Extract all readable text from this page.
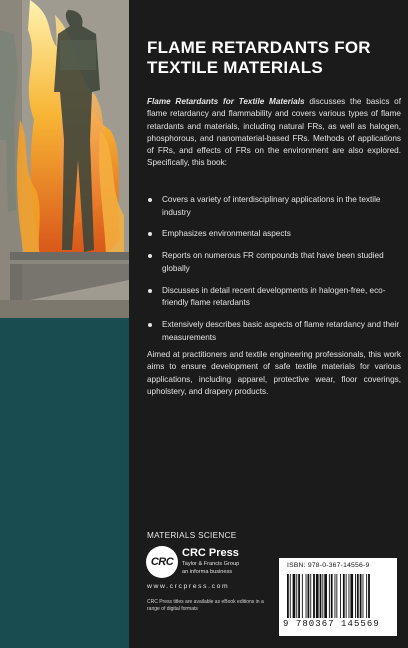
FLAME RETARDANTS FOR TEXTILE MATERIALS
Flame Retardants for Textile Materials discusses the basics of flame retardancy and flammability and covers various types of flame retardants and materials, including natural FRs, as well as halogen, phosphorous, and nanomaterial-based FRs. Methods of applications of FRs, and effects of FRs on the environment are also explored. Specifically, this book:
Covers a variety of interdisciplinary applications in the textile industry
Emphasizes environmental aspects
Reports on numerous FR compounds that have been studied globally
Discusses in detail recent developments in halogen-free, eco-friendly flame retardants
Extensively describes basic aspects of flame retardancy and their measurements
Aimed at practitioners and textile engineering professionals, this work aims to ensure development of safe textile materials for various applications, including apparel, protective wear, floor coverings, upholstery, and drapery products.
MATERIALS SCIENCE
CRC
CRC Press
Taylor & Francis Group
an informa business
www.crcpress.com
CRC Press titles are available as eBook editions in a range of digital formats
ISBN: 978-0-367-14556-9
9 780367 145569
